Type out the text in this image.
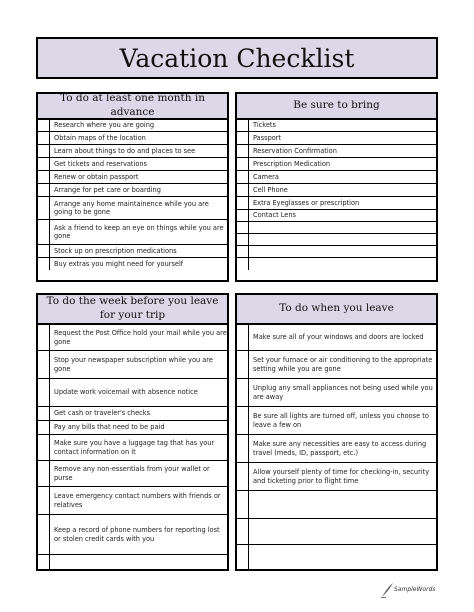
Vacation Checklist
To do at least one month in advance
Research where you are going
Obtain maps of the location
Learn about things to do and places to see
Get tickets and reservations
Renew or obtain passport
Arrange for pet care or boarding
Arrange any home maintainence while you are going to be gone
Ask a friend to keep an eye on things while you are gone
Stock up on prescription medications
Buy extras you might need for yourself
Be sure to bring
Tickets
Passport
Reservation Confirmation
Prescription Medication
Camera
Cell Phone
Extra Eyeglasses or prescription
Contact Lens
To do the week before you leave for your trip
Request the Post Office hold your mail while you are gone
Stop your newspaper subscription while you are gone
Update work voicemail with absence notice
Get cash or traveler's checks
Pay any bills that need to be paid
Make sure you have a luggage tag that has your contact information on it
Remove any non-essentials from your wallet or purse
Leave emergency contact numbers with friends or relatives
Keep a record of phone numbers for reporting lost or stolen credit cards with you
To do when you leave
Make sure all of your windows and doors are locked
Set your furnace or air conditioning to the appropriate setting while you are gone
Unplug any small appliances not being used while you are away
Be sure all lights are turned off, unless you choose to leave a few on
Make sure any necessities are easy to access during travel (meds, ID, passport, etc.)
Allow yourself plenty of time for checking-in, security and ticketing prior to flight time
SampleWords
